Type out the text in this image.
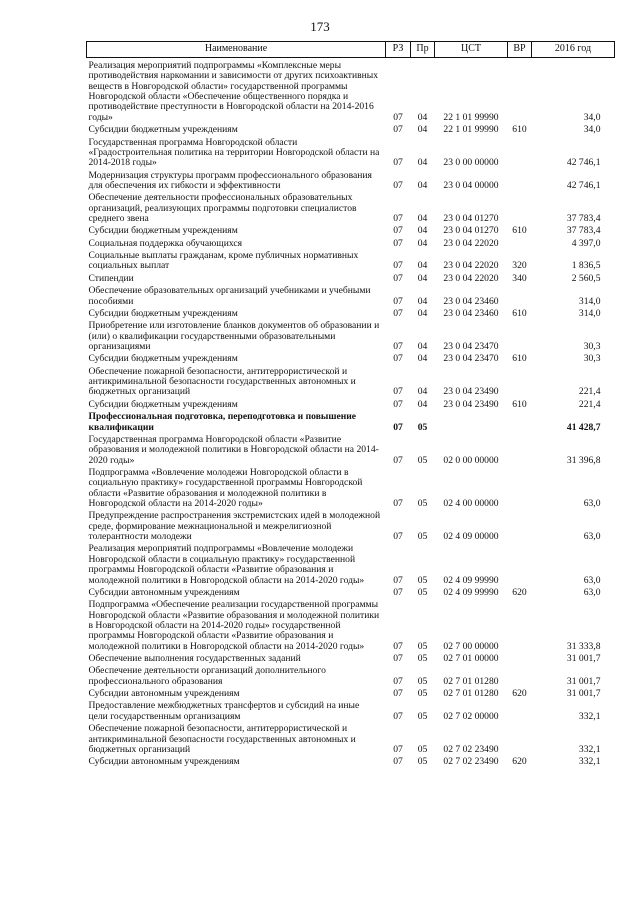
173
Наименование	РЗ	Пр	ЦСТ	ВР	2016 год
Реализация мероприятий подпрограммы «Комплексные меры противодействия наркомании и зависимости от других психоактивных веществ в Новгородской области» государственной программы Новгородской области «Обеспечение общественного порядка и противодействие преступности в Новгородской области на 2014-2016 годы»	07	04	22 1 01 99990		34,0
Субсидии бюджетным учреждениям	07	04	22 1 01 99990	610	34,0
Государственная программа Новгородской области «Градостроительная политика на территории Новгородской области на 2014-2018 годы»	07	04	23 0 00 00000		42 746,1
Модернизация структуры программ профессионального образования для обеспечения их гибкости и эффективности	07	04	23 0 04 00000		42 746,1
Обеспечение деятельности профессиональных образовательных организаций, реализующих программы подготовки специалистов среднего звена	07	04	23 0 04 01270		37 783,4
Субсидии бюджетным учреждениям	07	04	23 0 04 01270	610	37 783,4
Социальная поддержка обучающихся	07	04	23 0 04 22020		4 397,0
Социальные выплаты гражданам, кроме публичных нормативных социальных выплат	07	04	23 0 04 22020	320	1 836,5
Стипендии	07	04	23 0 04 22020	340	2 560,5
Обеспечение образовательных организаций учебниками и учебными пособиями	07	04	23 0 04 23460		314,0
Субсидии бюджетным учреждениям	07	04	23 0 04 23460	610	314,0
Приобретение или изготовление бланков документов об образовании и (или) о квалификации государственными образовательными организациями	07	04	23 0 04 23470		30,3
Субсидии бюджетным учреждениям	07	04	23 0 04 23470	610	30,3
Обеспечение пожарной безопасности, антитеррористической и антикриминальной безопасности государственных автономных и бюджетных организаций	07	04	23 0 04 23490		221,4
Субсидии бюджетным учреждениям	07	04	23 0 04 23490	610	221,4
Профессиональная подготовка, переподготовка и повышение квалификации	07	05			41 428,7
Государственная программа Новгородской области «Развитие образования и молодежной политики в Новгородской области на 2014-2020 годы»	07	05	02 0 00 00000		31 396,8
Подпрограмма «Вовлечение молодежи Новгородской области в социальную практику» государственной программы Новгородской области «Развитие образования и молодежной политики в Новгородской области на 2014-2020 годы»	07	05	02 4 00 00000		63,0
Предупреждение распространения экстремистских идей в молодежной среде, формирование межнациональной и межрелигиозной толерантности молодежи	07	05	02 4 09 00000		63,0
Реализация мероприятий подпрограммы «Вовлечение молодежи Новгородской области в социальную практику» государственной программы Новгородской области «Развитие образования и молодежной политики в Новгородской области на 2014-2020 годы»	07	05	02 4 09 99990		63,0
Субсидии автономным учреждениям	07	05	02 4 09 99990	620	63,0
Подпрограмма «Обеспечение реализации государственной программы Новгородской области «Развитие образования и молодежной политики в Новгородской области на 2014-2020 годы» государственной программы Новгородской области «Развитие образования и молодежной политики в Новгородской области на 2014-2020 годы»	07	05	02 7 00 00000		31 333,8
Обеспечение выполнения государственных заданий	07	05	02 7 01 00000		31 001,7
Обеспечение деятельности организаций дополнительного профессионального образования	07	05	02 7 01 01280		31 001,7
Субсидии автономным учреждениям	07	05	02 7 01 01280	620	31 001,7
Предоставление межбюджетных трансфертов и субсидий на иные цели государственным организациям	07	05	02 7 02 00000		332,1
Обеспечение пожарной безопасности, антитеррористической и антикриминальной безопасности государственных автономных и бюджетных организаций	07	05	02 7 02 23490		332,1
Субсидии автономным учреждениям	07	05	02 7 02 23490	620	332,1
